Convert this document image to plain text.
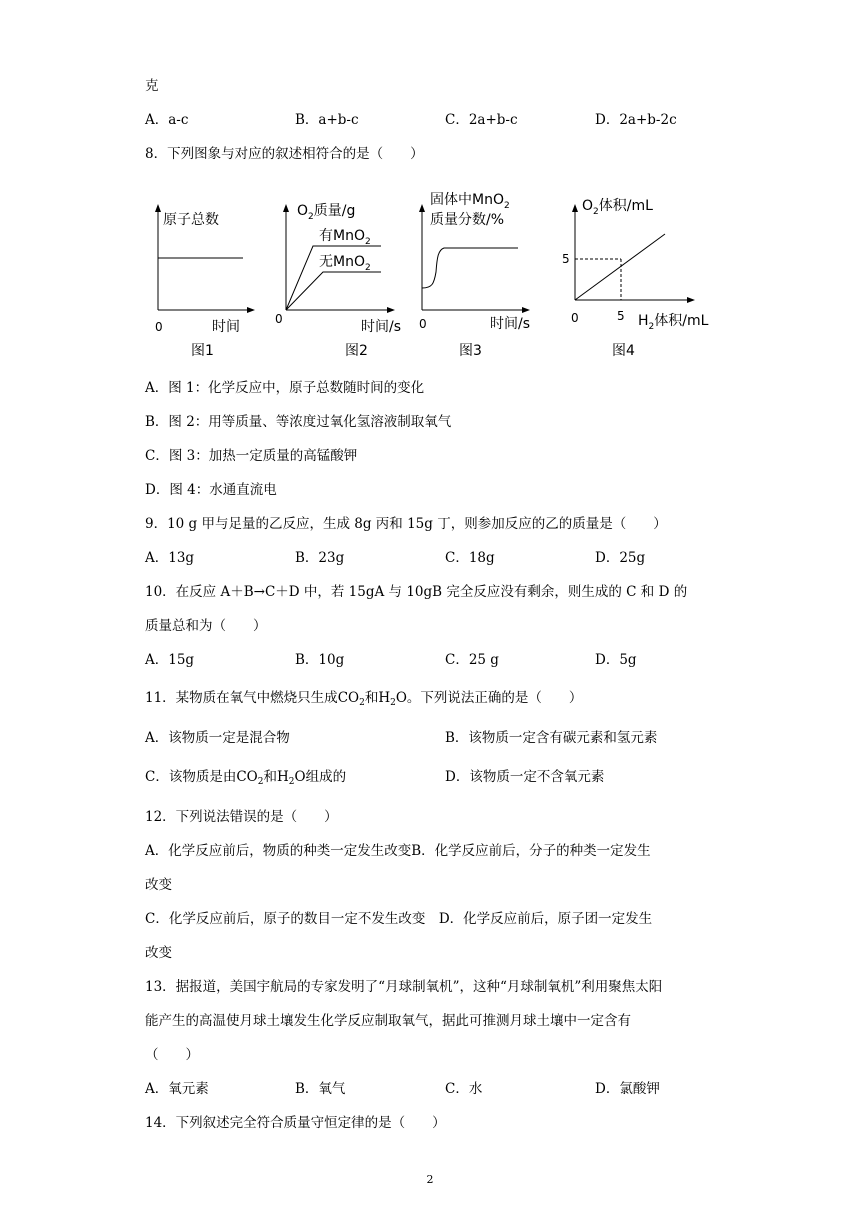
克
A．a-c	B．a+b-c	C．2a+b-c	D．2a+b-2c
8．下列图象与对应的叙述相符合的是（　　）
原子总数
0	时间
图1
$O_2$质量/g
有MnO$_2$
无MnO$_2$
0	时间/s
图2
固体中MnO$_2$
质量分数/%
0	时间/s
图3
$O_2$体积/mL
5
0	5 $H_2$体积/mL
图4
A．图 1：化学反应中，原子总数随时间的变化
B．图 2：用等质量、等浓度过氧化氢溶液制取氧气
C．图 3：加热一定质量的高锰酸钾
D．图 4：水通直流电
9．10 g 甲与足量的乙反应，生成 8g 丙和 15g 丁，则参加反应的乙的质量是（　　）
A．13g	B．23g	C．18g	D．25g
10．在反应 A＋B→C＋D 中，若 15gA 与 10gB 完全反应没有剩余，则生成的 C 和 D 的
质量总和为（　　）
A．15g	B．10g	C．25 g	D．5g
11．某物质在氧气中燃烧只生成$CO_2$和$H_2O$。下列说法正确的是（　　）
A．该物质一定是混合物	B．该物质一定含有碳元素和氢元素
C．该物质是由$CO_2$和$H_2O$组成的	D．该物质一定不含氧元素
12．下列说法错误的是（　　）
A．化学反应前后，物质的种类一定发生改变B．化学反应前后，分子的种类一定发生
改变
C．化学反应前后，原子的数目一定不发生改变　D．化学反应前后，原子团一定发生
改变
13．据报道，美国宇航局的专家发明了“月球制氧机”，这种“月球制氧机”利用聚焦太阳
能产生的高温使月球土壤发生化学反应制取氧气，据此可推测月球土壤中一定含有
（　　）
A．氧元素	B．氧气	C．水	D．氯酸钾
14．下列叙述完全符合质量守恒定律的是（　　）
2
